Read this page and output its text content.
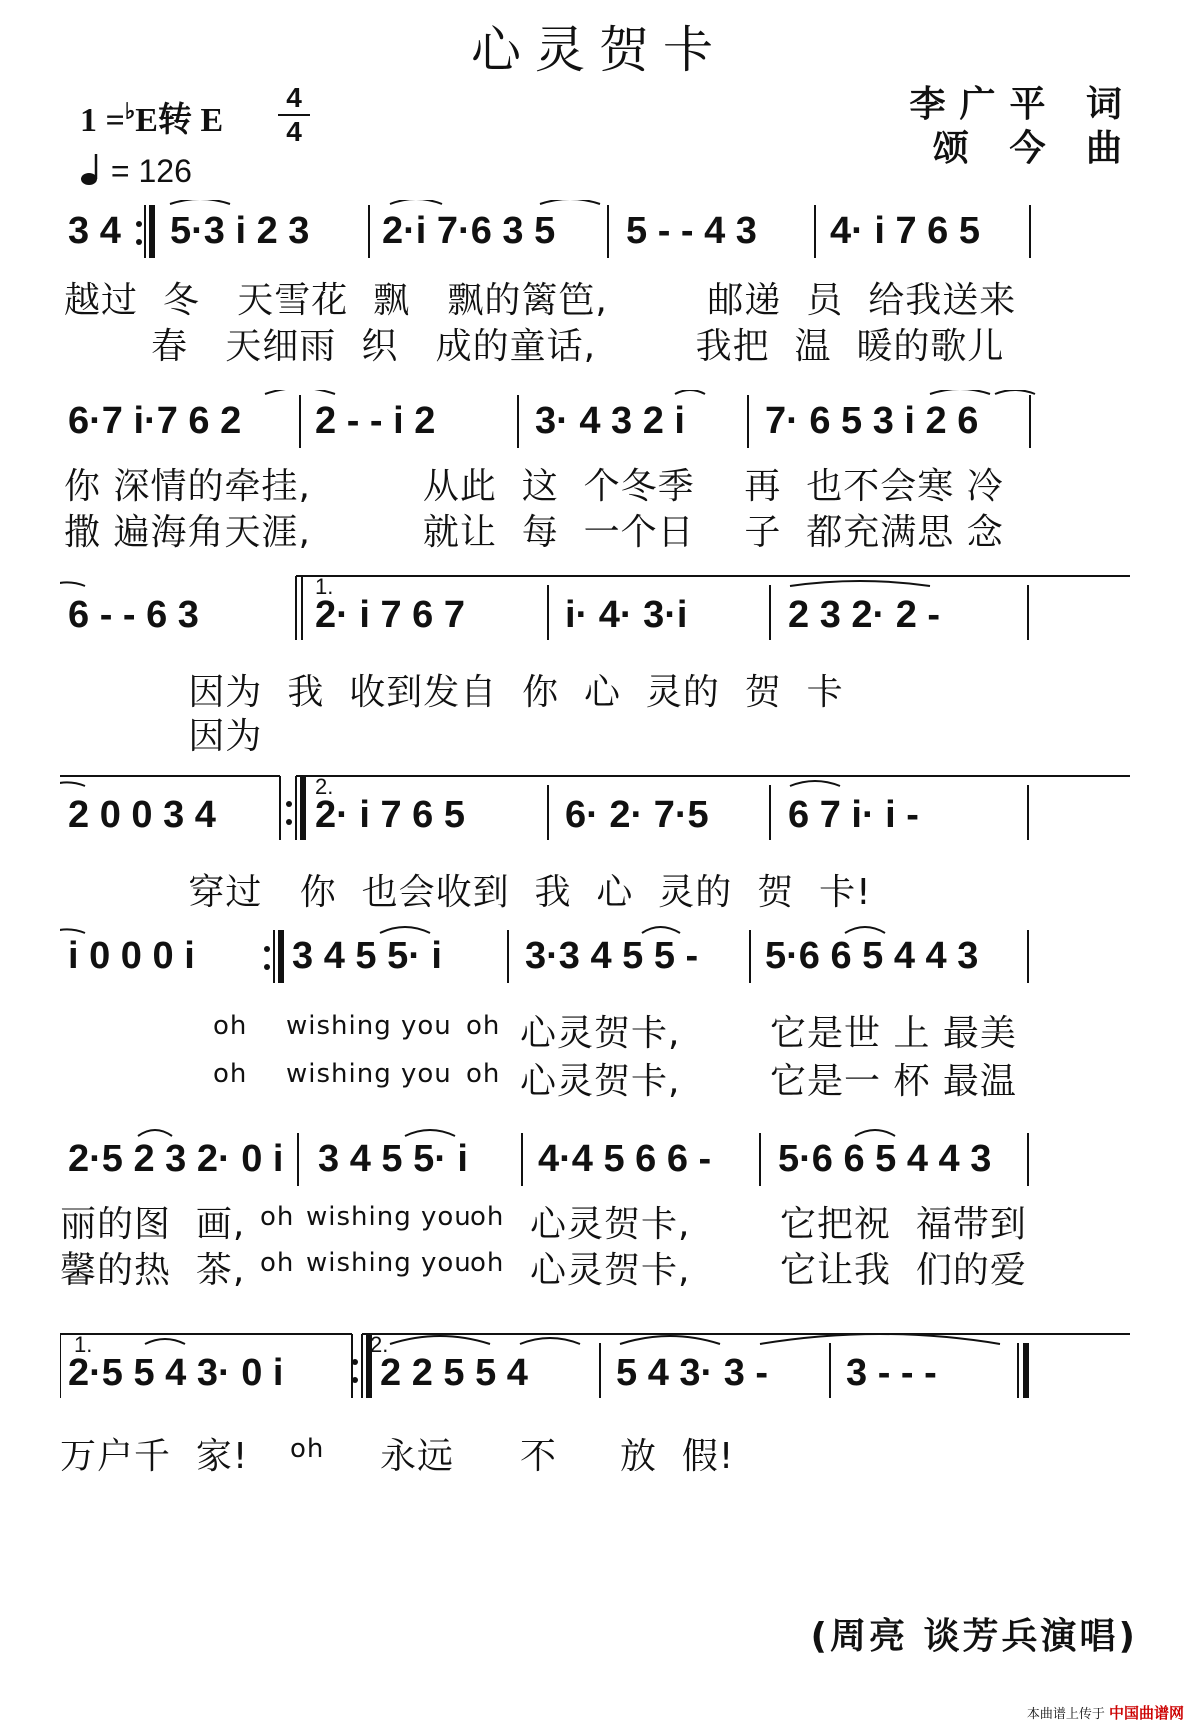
心灵贺卡
1 =♭E转 E
4
4
= 126
李广平 词
颂 今 曲
3 4 5·3 i 2 3 2·i 7·6 3 5 5 - - 4 3 4· i 7 6 5
越过  冬   天雪花  飘   飘的篱笆,        邮递  员  给我送来
春   天细雨  织   成的童话,        我把  温  暖的歌儿
6·7 i·7 6 2 2 - - i 2	3· 4 3 2 i 7· 6 5 3 i 2 6
你 深情的牵挂,         从此  这  个冬季    再  也不会寒 冷
撒 遍海角天涯,         就让  每  一个日    子  都充满思 念
1.
6 - - 6 3	2· i 7 6 7	i· 4· 3·i	2 3 2· 2 -
因为  我  收到发自  你  心  灵的  贺  卡
因为
2.
2 0 0 3 4	2· i 7 6 5	6· 2· 7·5 6 7 i· i -
穿过   你  也会收到  我  心  灵的  贺  卡!
i 0 0 0 i	3 4 5 5· i 3·3 4 5 5 - 5·6 6 5 4 4 3
oh	wishing you oh 心灵贺卡,	它是世 上 最美
oh	wishing you oh 心灵贺卡,	它是一 杯 最温
2·5 2 3 2· 0 i 3 4 5 5· i 4·4 5 6 6 - 5·6 6 5 4 4 3
丽的图  画, oh wishing you
oh 心灵贺卡,	它把祝  福带到
馨的热  茶, oh wishing you
oh 心灵贺卡,	它让我  们的爱
1.	2.
2·5 5 4 3· 0 i	2 2 5 5 4 5 4 3· 3 - 3 - - -
万户千  家!	oh	永远	不	放  假!
(周亮 谈芳兵演唱)
本曲谱上传于 中国曲谱网
